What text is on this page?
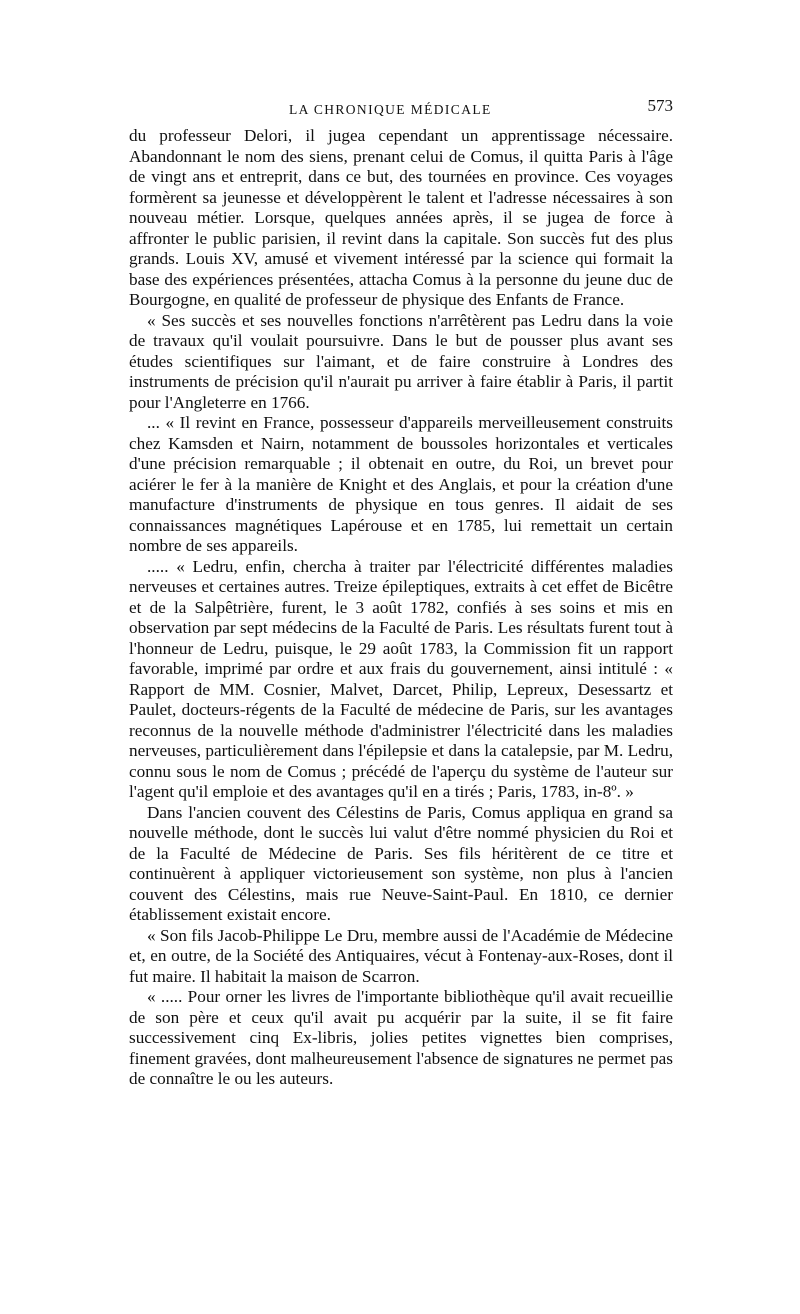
LA CHRONIQUE MÉDICALE	573

du professeur Delori, il jugea cependant un apprentissage nécessaire. Abandonnant le nom des siens, prenant celui de Comus, il quitta Paris à l'âge de vingt ans et entreprit, dans ce but, des tournées en province. Ces voyages formèrent sa jeunesse et développèrent le talent et l'adresse nécessaires à son nouveau métier. Lorsque, quelques années après, il se jugea de force à affronter le public parisien, il revint dans la capitale. Son succès fut des plus grands. Louis XV, amusé et vivement intéressé par la science qui formait la base des expériences présentées, attacha Comus à la personne du jeune duc de Bourgogne, en qualité de professeur de physique des Enfants de France.

« Ses succès et ses nouvelles fonctions n'arrêtèrent pas Ledru dans la voie de travaux qu'il voulait poursuivre. Dans le but de pousser plus avant ses études scientifiques sur l'aimant, et de faire construire à Londres des instruments de précision qu'il n'aurait pu arriver à faire établir à Paris, il partit pour l'Angleterre en 1766.

... « Il revint en France, possesseur d'appareils merveilleusement construits chez Kamsden et Nairn, notamment de boussoles horizontales et verticales d'une précision remarquable ; il obtenait en outre, du Roi, un brevet pour aciérer le fer à la manière de Knight et des Anglais, et pour la création d'une manufacture d'instruments de physique en tous genres. Il aidait de ses connaissances magnétiques Lapérouse et en 1785, lui remettait un certain nombre de ses appareils.

..... « Ledru, enfin, chercha à traiter par l'électricité différentes maladies nerveuses et certaines autres. Treize épileptiques, extraits à cet effet de Bicêtre et de la Salpêtrière, furent, le 3 août 1782, confiés à ses soins et mis en observation par sept médecins de la Faculté de Paris. Les résultats furent tout à l'honneur de Ledru, puisque, le 29 août 1783, la Commission fit un rapport favorable, imprimé par ordre et aux frais du gouvernement, ainsi intitulé : « Rapport de MM. Cosnier, Malvet, Darcet, Philip, Lepreux, Desessartz et Paulet, docteurs-régents de la Faculté de médecine de Paris, sur les avantages reconnus de la nouvelle méthode d'administrer l'électricité dans les maladies nerveuses, particulièrement dans l'épilepsie et dans la catalepsie, par M. Ledru, connu sous le nom de Comus ; précédé de l'aperçu du système de l'auteur sur l'agent qu'il emploie et des avantages qu'il en a tirés ; Paris, 1783, in-8º. »

Dans l'ancien couvent des Célestins de Paris, Comus appliqua en grand sa nouvelle méthode, dont le succès lui valut d'être nommé physicien du Roi et de la Faculté de Médecine de Paris. Ses fils héritèrent de ce titre et continuèrent à appliquer victorieusement son système, non plus à l'ancien couvent des Célestins, mais rue Neuve-Saint-Paul. En 1810, ce dernier établissement existait encore.

« Son fils Jacob-Philippe Le Dru, membre aussi de l'Académie de Médecine et, en outre, de la Société des Antiquaires, vécut à Fontenay-aux-Roses, dont il fut maire. Il habitait la maison de Scarron.

« ..... Pour orner les livres de l'importante bibliothèque qu'il avait recueillie de son père et ceux qu'il avait pu acquérir par la suite, il se fit faire successivement cinq Ex-libris, jolies petites vignettes bien comprises, finement gravées, dont malheureusement l'absence de signatures ne permet pas de connaître le ou les auteurs.
